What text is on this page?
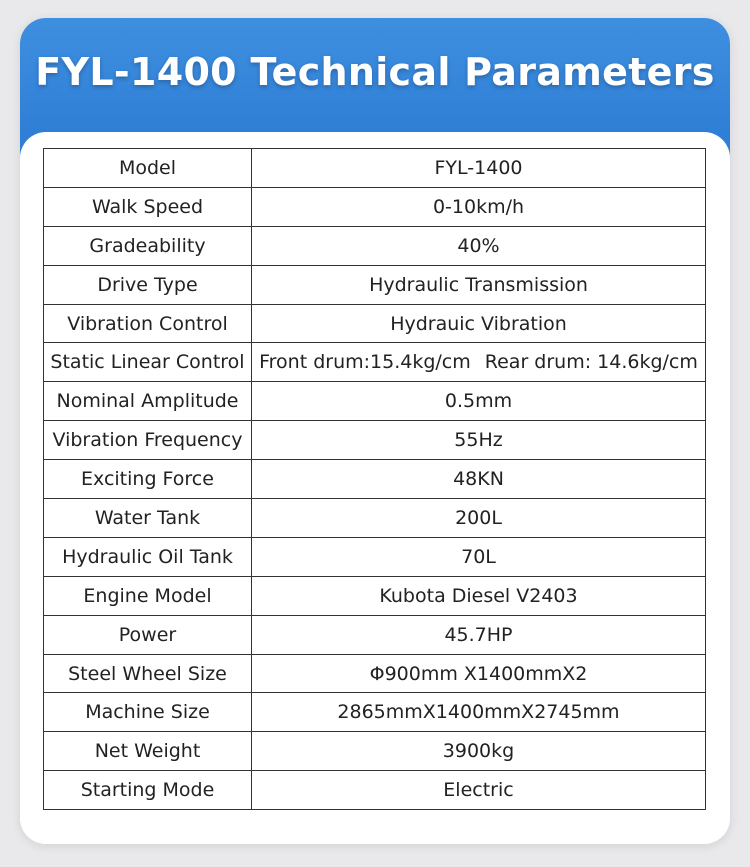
FYL-1400 Technical Parameters
Model	FYL-1400
Walk Speed	0-10km/h
Gradeability	40%
Drive Type	Hydraulic Transmission
Vibration Control	Hydrauic Vibration
Static Linear Control	Front drum:15.4kg/cm Rear drum: 14.6kg/cm
Nominal Amplitude	0.5mm
Vibration Frequency	55Hz
Exciting Force	48KN
Water Tank	200L
Hydraulic Oil Tank	70L
Engine Model	Kubota Diesel V2403
Power	45.7HP
Steel Wheel Size	Φ900mm X1400mmX2
Machine Size	2865mmX1400mmX2745mm
Net Weight	3900kg
Starting Mode	Electric
